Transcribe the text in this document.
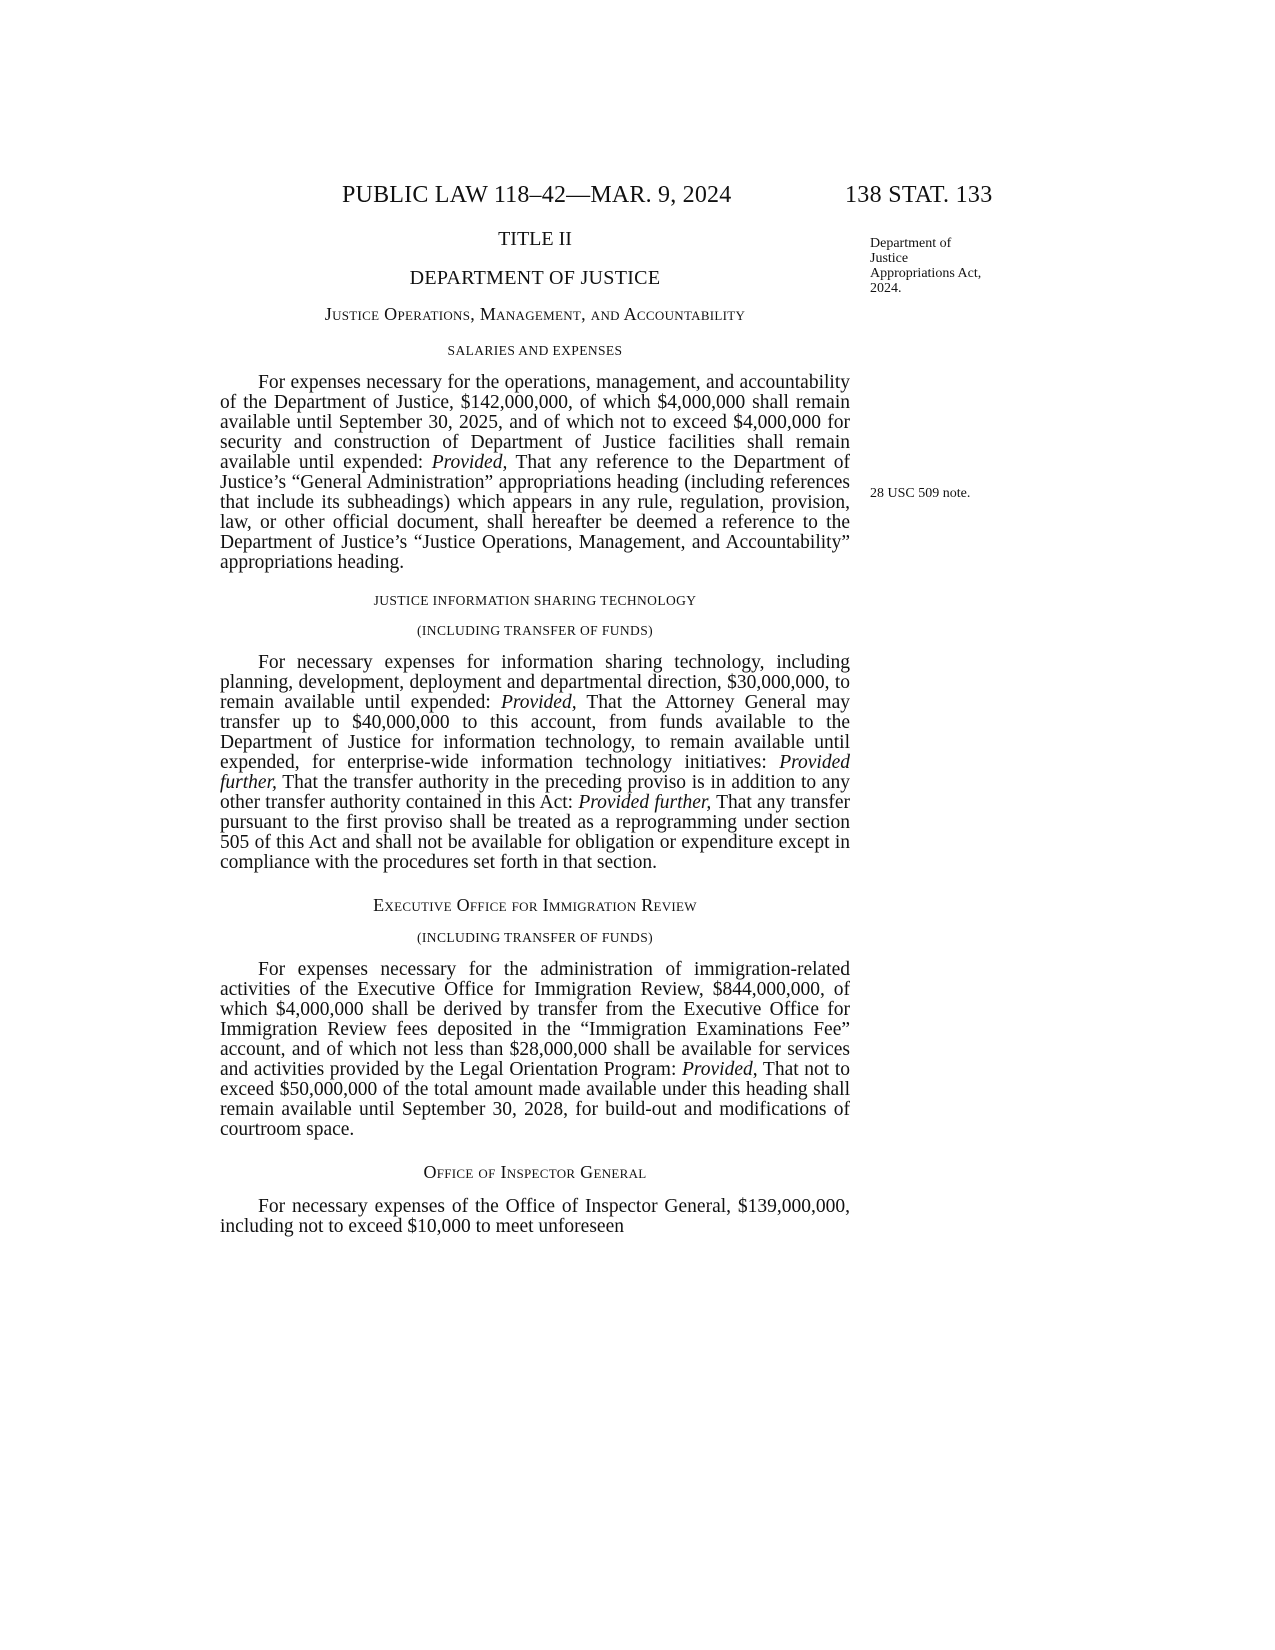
PUBLIC LAW 118–42—MAR. 9, 2024	138 STAT. 133
Department of Justice Appropriations Act, 2024.
28 USC 509 note.

TITLE II

DEPARTMENT OF JUSTICE

Justice Operations, Management, and Accountability

SALARIES AND EXPENSES

For expenses necessary for the operations, management, and accountability of the Department of Justice, $142,000,000, of which $4,000,000 shall remain available until September 30, 2025, and of which not to exceed $4,000,000 for security and construction of Department of Justice facilities shall remain available until expended: Provided, That any reference to the Department of Justice’s “General Administration” appropriations heading (including references that include its subheadings) which appears in any rule, regulation, provision, law, or other official document, shall hereafter be deemed a reference to the Department of Justice’s “Justice Operations, Management, and Accountability” appropriations heading.

JUSTICE INFORMATION SHARING TECHNOLOGY

(INCLUDING TRANSFER OF FUNDS)

For necessary expenses for information sharing technology, including planning, development, deployment and departmental direction, $30,000,000, to remain available until expended: Provided, That the Attorney General may transfer up to $40,000,000 to this account, from funds available to the Department of Justice for information technology, to remain available until expended, for enterprise-wide information technology initiatives: Provided further, That the transfer authority in the preceding proviso is in addition to any other transfer authority contained in this Act: Provided further, That any transfer pursuant to the first proviso shall be treated as a reprogramming under section 505 of this Act and shall not be available for obligation or expenditure except in compliance with the procedures set forth in that section.

Executive Office for Immigration Review

(INCLUDING TRANSFER OF FUNDS)

For expenses necessary for the administration of immigration-related activities of the Executive Office for Immigration Review, $844,000,000, of which $4,000,000 shall be derived by transfer from the Executive Office for Immigration Review fees deposited in the “Immigration Examinations Fee” account, and of which not less than $28,000,000 shall be available for services and activities provided by the Legal Orientation Program: Provided, That not to exceed $50,000,000 of the total amount made available under this heading shall remain available until September 30, 2028, for build-out and modifications of courtroom space.

Office of Inspector General

For necessary expenses of the Office of Inspector General, $139,000,000, including not to exceed $10,000 to meet unforeseen
